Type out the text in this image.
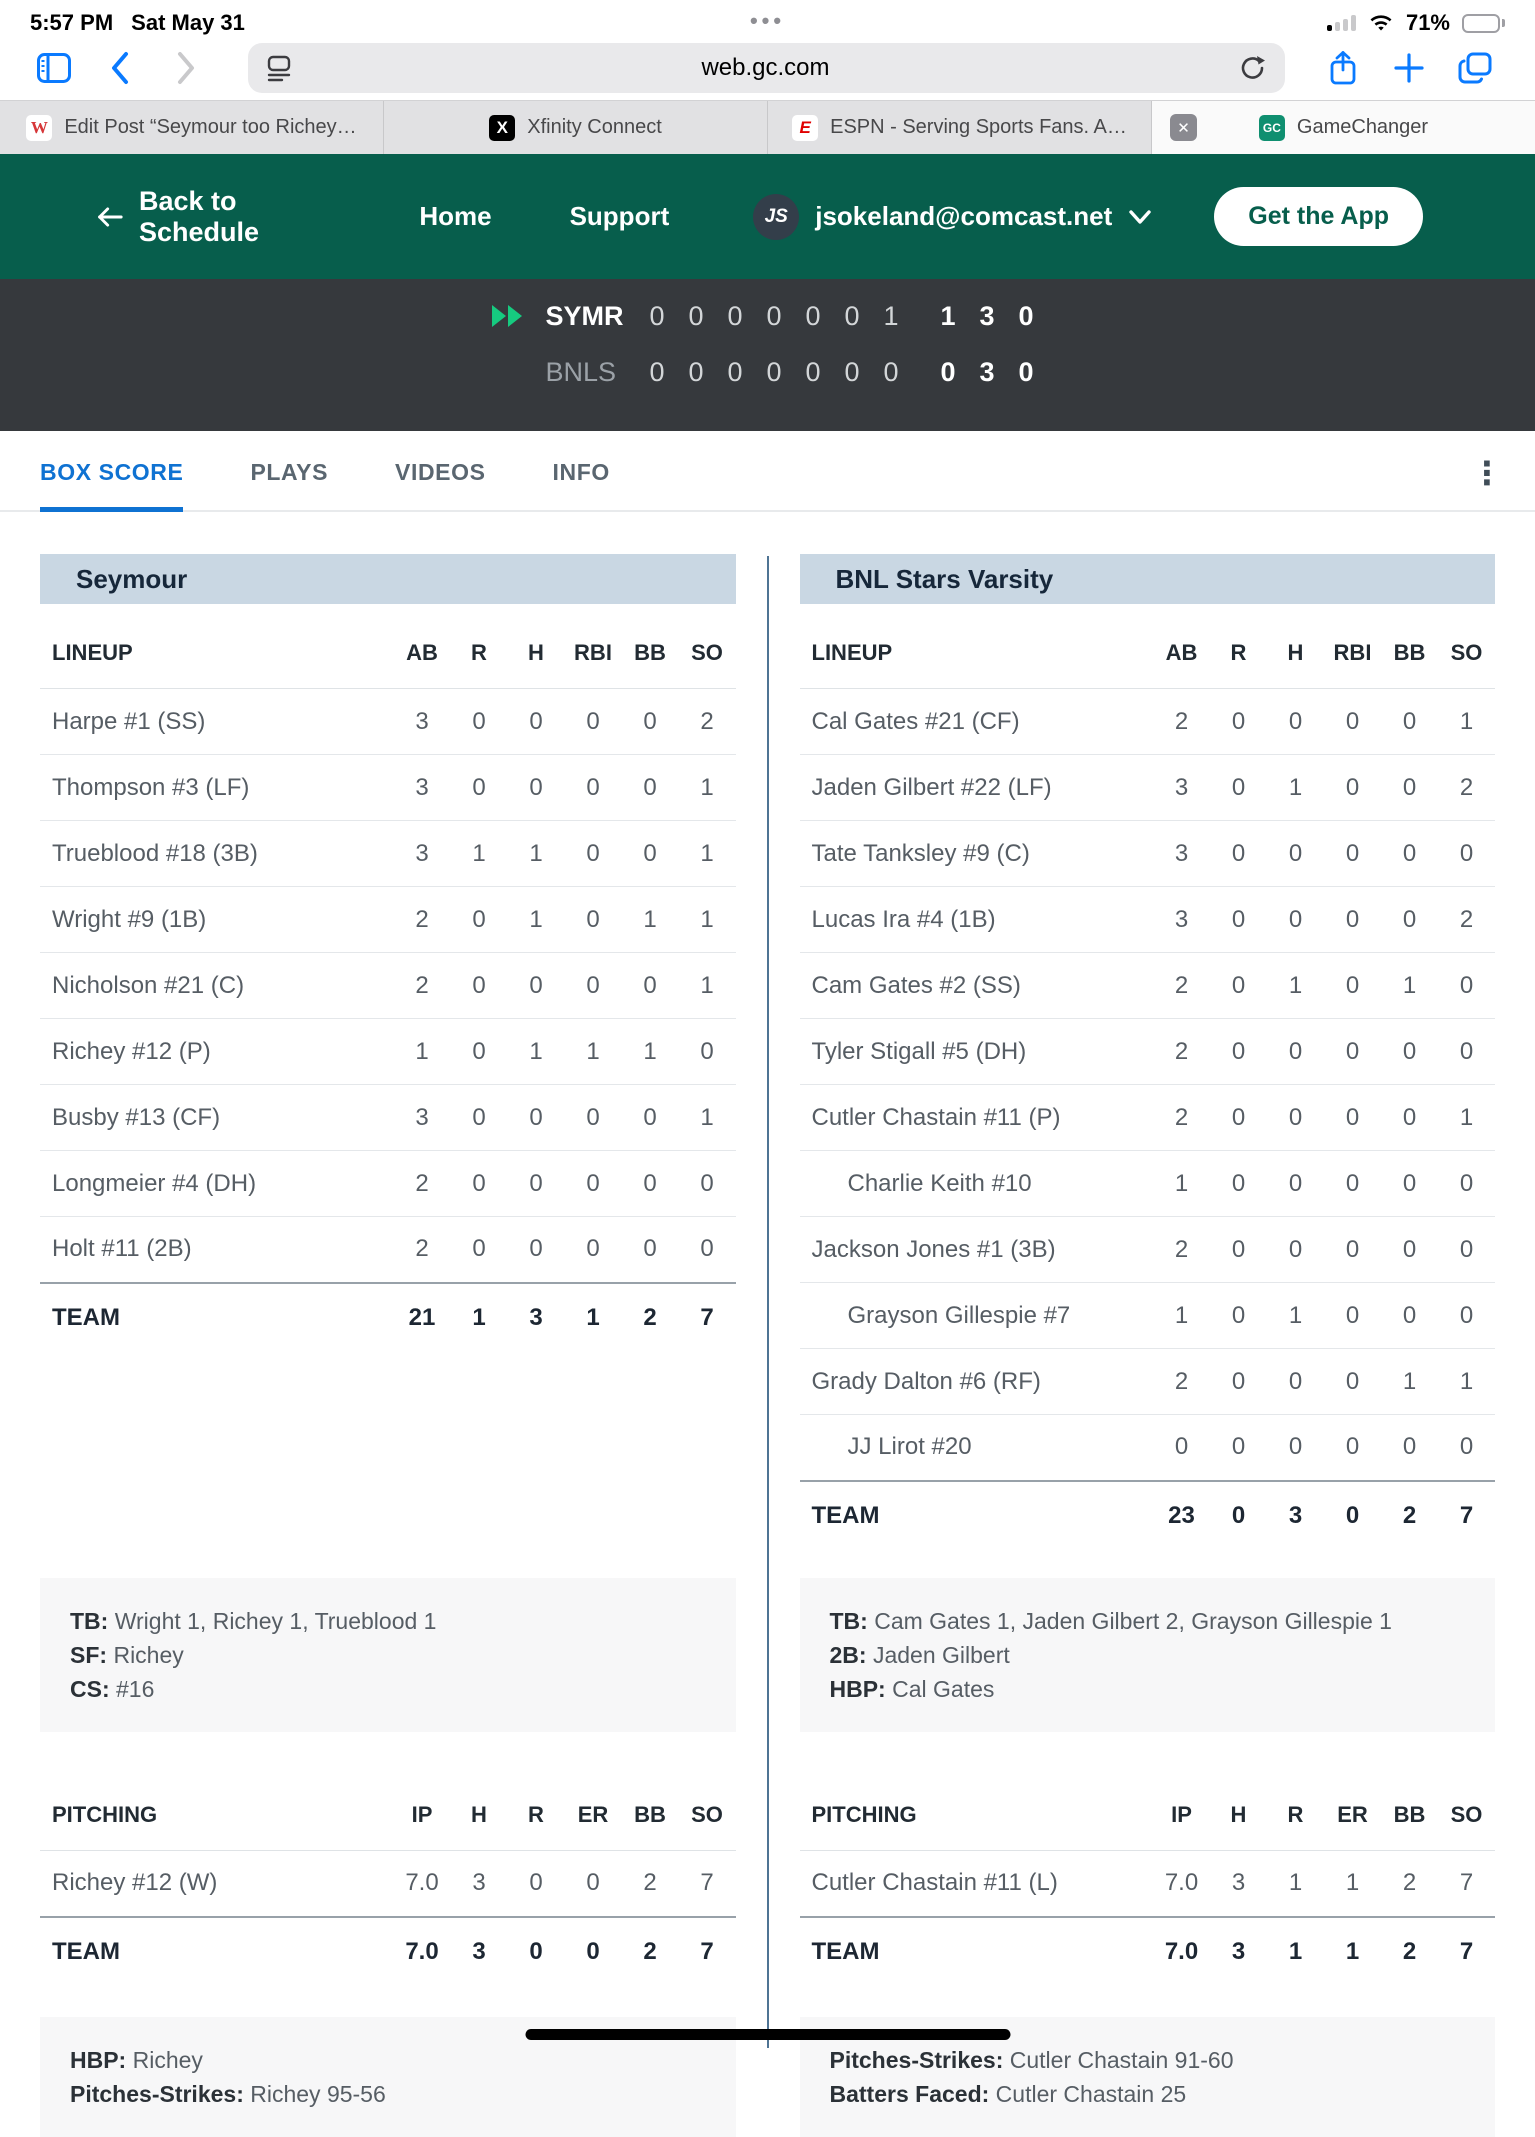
5:57 PM Sat May 31	•••	71%
web.gc.com
W Edit Post “Seymour too Richey…	X Xfinity Connect	E ESPN - Serving Sports Fans. A…	GC GameChanger
✕
Back to Schedule
Home	Support	JS	jsokeland@comcast.net	Get the App
SYMR 0 0 0 0 0 0 1	1 3 0
BNLS	0 0 0 0 0 0 0	0 3 0
BOX SCORE	PLAYS	VIDEOS	INFO	⋮
Seymour
LINEUP	AB	R	H	RBI	BB	SO
Harpe #1 (SS)	3	0	0	0	0	2
Thompson #3 (LF)	3	0	0	0	0	1
Trueblood #18 (3B)	3	1	1	0	0	1
Wright #9 (1B)	2	0	1	0	1	1
Nicholson #21 (C)	2	0	0	0	0	1
Richey #12 (P)	1	0	1	1	1	0
Busby #13 (CF)	3	0	0	0	0	1
Longmeier #4 (DH)	2	0	0	0	0	0
Holt #11 (2B)	2	0	0	0	0	0
TEAM	21	1	3	1	2	7
TB: Wright 1, Richey 1, Trueblood 1
SF: Richey
CS: #16
PITCHING	IP	H	R	ER	BB	SO
Richey #12 (W)	7.0	3	0	0	2	7
TEAM	7.0	3	0	0	2	7
HBP: Richey
Pitches-Strikes: Richey 95-56
BNL Stars Varsity
LINEUP	AB	R	H	RBI	BB	SO
Cal Gates #21 (CF)	2	0	0	0	0	1
Jaden Gilbert #22 (LF)	3	0	1	0	0	2
Tate Tanksley #9 (C)	3	0	0	0	0	0
Lucas Ira #4 (1B)	3	0	0	0	0	2
Cam Gates #2 (SS)	2	0	1	0	1	0
Tyler Stigall #5 (DH)	2	0	0	0	0	0
Cutler Chastain #11 (P)	2	0	0	0	0	1
Charlie Keith #10	1	0	0	0	0	0
Jackson Jones #1 (3B)	2	0	0	0	0	0
Grayson Gillespie #7	1	0	1	0	0	0
Grady Dalton #6 (RF)	2	0	0	0	1	1
JJ Lirot #20	0	0	0	0	0	0
TEAM	23	0	3	0	2	7
TB: Cam Gates 1, Jaden Gilbert 2, Grayson Gillespie 1
2B: Jaden Gilbert
HBP: Cal Gates
PITCHING	IP	H	R	ER	BB	SO
Cutler Chastain #11 (L)	7.0	3	1	1	2	7
TEAM	7.0	3	1	1	2	7
Pitches-Strikes: Cutler Chastain 91-60
Batters Faced: Cutler Chastain 25
